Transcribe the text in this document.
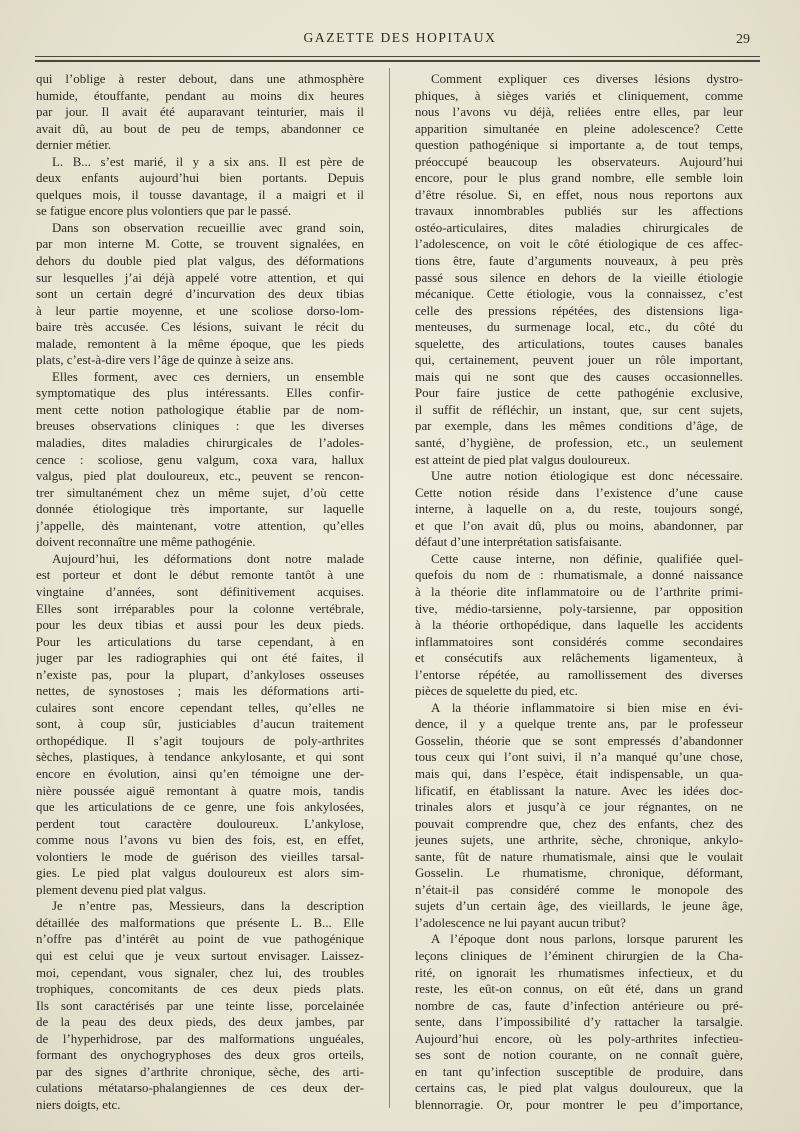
GAZETTE DES HOPITAUX	29
qui l’oblige à rester debout, dans une athmosphère
humide, étouffante, pendant au moins dix heures
par jour. Il avait été auparavant teinturier, mais il
avait dû, au bout de peu de temps, abandonner ce
dernier métier.
L. B... s’est marié, il y a six ans. Il est père de
deux enfants aujourd’hui bien portants. Depuis
quelques mois, il tousse davantage, il a maigri et il
se fatigue encore plus volontiers que par le passé.
Dans son observation recueillie avec grand soin,
par mon interne M. Cotte, se trouvent signalées, en
dehors du double pied plat valgus, des déformations
sur lesquelles j’ai déjà appelé votre attention, et qui
sont un certain degré d’incurvation des deux tibias
à leur partie moyenne, et une scoliose dorso-lom-
baire très accusée. Ces lésions, suivant le récit du
malade, remontent à la même époque, que les pieds
plats, c’est-à-dire vers l’âge de quinze à seize ans.
Elles forment, avec ces derniers, un ensemble
symptomatique des plus intéressants. Elles confir-
ment cette notion pathologique établie par de nom-
breuses observations cliniques : que les diverses
maladies, dites maladies chirurgicales de l’adoles-
cence : scoliose, genu valgum, coxa vara, hallux
valgus, pied plat douloureux, etc., peuvent se rencon-
trer simultanément chez un même sujet, d’où cette
donnée étiologique très importante, sur laquelle
j’appelle, dès maintenant, votre attention, qu’elles
doivent reconnaître une même pathogénie.
Aujourd’hui, les déformations dont notre malade
est porteur et dont le début remonte tantôt à une
vingtaine d’années, sont définitivement acquises.
Elles sont irréparables pour la colonne vertébrale,
pour les deux tibias et aussi pour les deux pieds.
Pour les articulations du tarse cependant, à en
juger par les radiographies qui ont été faites, il
n’existe pas, pour la plupart, d’ankyloses osseuses
nettes, de synostoses ; mais les déformations arti-
culaires sont encore cependant telles, qu’elles ne
sont, à coup sûr, justiciables d’aucun traitement
orthopédique. Il s’agit toujours de poly-arthrites
sèches, plastiques, à tendance ankylosante, et qui sont
encore en évolution, ainsi qu’en témoigne une der-
nière poussée aiguë remontant à quatre mois, tandis
que les articulations de ce genre, une fois ankylosées,
perdent tout caractère douloureux. L’ankylose,
comme nous l’avons vu bien des fois, est, en effet,
volontiers le mode de guérison des vieilles tarsal-
gies. Le pied plat valgus douloureux est alors sim-
plement devenu pied plat valgus.
Je n’entre pas, Messieurs, dans la description
détaillée des malformations que présente L. B... Elle
n’offre pas d’intérêt au point de vue pathogénique
qui est celui que je veux surtout envisager. Laissez-
moi, cependant, vous signaler, chez lui, des troubles
trophiques, concomitants de ces deux pieds plats.
Ils sont caractérisés par une teinte lisse, porcelainée
de la peau des deux pieds, des deux jambes, par
de l’hyperhidrose, par des malformations unguéales,
formant des onychogryphoses des deux gros orteils,
par des signes d’arthrite chronique, sèche, des arti-
culations métatarso-phalangiennes de ces deux der-
niers doigts, etc.
Comment expliquer ces diverses lésions dystro-
phiques, à sièges variés et cliniquement, comme
nous l’avons vu déjà, reliées entre elles, par leur
apparition simultanée en pleine adolescence? Cette
question pathogénique si importante a, de tout temps,
préoccupé beaucoup les observateurs. Aujourd’hui
encore, pour le plus grand nombre, elle semble loin
d’être résolue. Si, en effet, nous nous reportons aux
travaux innombrables publiés sur les affections
ostéo-articulaires, dites maladies chirurgicales de
l’adolescence, on voit le côté étiologique de ces affec-
tions être, faute d’arguments nouveaux, à peu près
passé sous silence en dehors de la vieille étiologie
mécanique. Cette étiologie, vous la connaissez, c’est
celle des pressions répétées, des distensions liga-
menteuses, du surmenage local, etc., du côté du
squelette, des articulations, toutes causes banales
qui, certainement, peuvent jouer un rôle important,
mais qui ne sont que des causes occasionnelles.
Pour faire justice de cette pathogénie exclusive,
il suffit de réfléchir, un instant, que, sur cent sujets,
par exemple, dans les mêmes conditions d’âge, de
santé, d’hygiène, de profession, etc., un seulement
est atteint de pied plat valgus douloureux.
Une autre notion étiologique est donc nécessaire.
Cette notion réside dans l’existence d’une cause
interne, à laquelle on a, du reste, toujours songé,
et que l’on avait dû, plus ou moins, abandonner, par
défaut d’une interprétation satisfaisante.
Cette cause interne, non définie, qualifiée quel-
quefois du nom de : rhumatismale, a donné naissance
à la théorie dite inflammatoire ou de l’arthrite primi-
tive, médio-tarsienne, poly-tarsienne, par opposition
à la théorie orthopédique, dans laquelle les accidents
inflammatoires sont considérés comme secondaires
et consécutifs aux relâchements ligamenteux, à
l’entorse répétée, au ramollissement des diverses
pièces de squelette du pied, etc.
A la théorie inflammatoire si bien mise en évi-
dence, il y a quelque trente ans, par le professeur
Gosselin, théorie que se sont empressés d’abandonner
tous ceux qui l’ont suivi, il n’a manqué qu’une chose,
mais qui, dans l’espèce, était indispensable, un qua-
lificatif, en établissant la nature. Avec les idées doc-
trinales alors et jusqu’à ce jour régnantes, on ne
pouvait comprendre que, chez des enfants, chez des
jeunes sujets, une arthrite, sèche, chronique, ankylo-
sante, fût de nature rhumatismale, ainsi que le voulait
Gosselin. Le rhumatisme, chronique, déformant,
n’était-il pas considéré comme le monopole des
sujets d’un certain âge, des vieillards, le jeune âge,
l’adolescence ne lui payant aucun tribut?
A l’époque dont nous parlons, lorsque parurent les
leçons cliniques de l’éminent chirurgien de la Cha-
rité, on ignorait les rhumatismes infectieux, et du
reste, les eût-on connus, on eût été, dans un grand
nombre de cas, faute d’infection antérieure ou pré-
sente, dans l’impossibilité d’y rattacher la tarsalgie.
Aujourd’hui encore, où les poly-arthrites infectieu-
ses sont de notion courante, on ne connaît guère,
en tant qu’infection susceptible de produire, dans
certains cas, le pied plat valgus douloureux, que la
blennorragie. Or, pour montrer le peu d’importance,
